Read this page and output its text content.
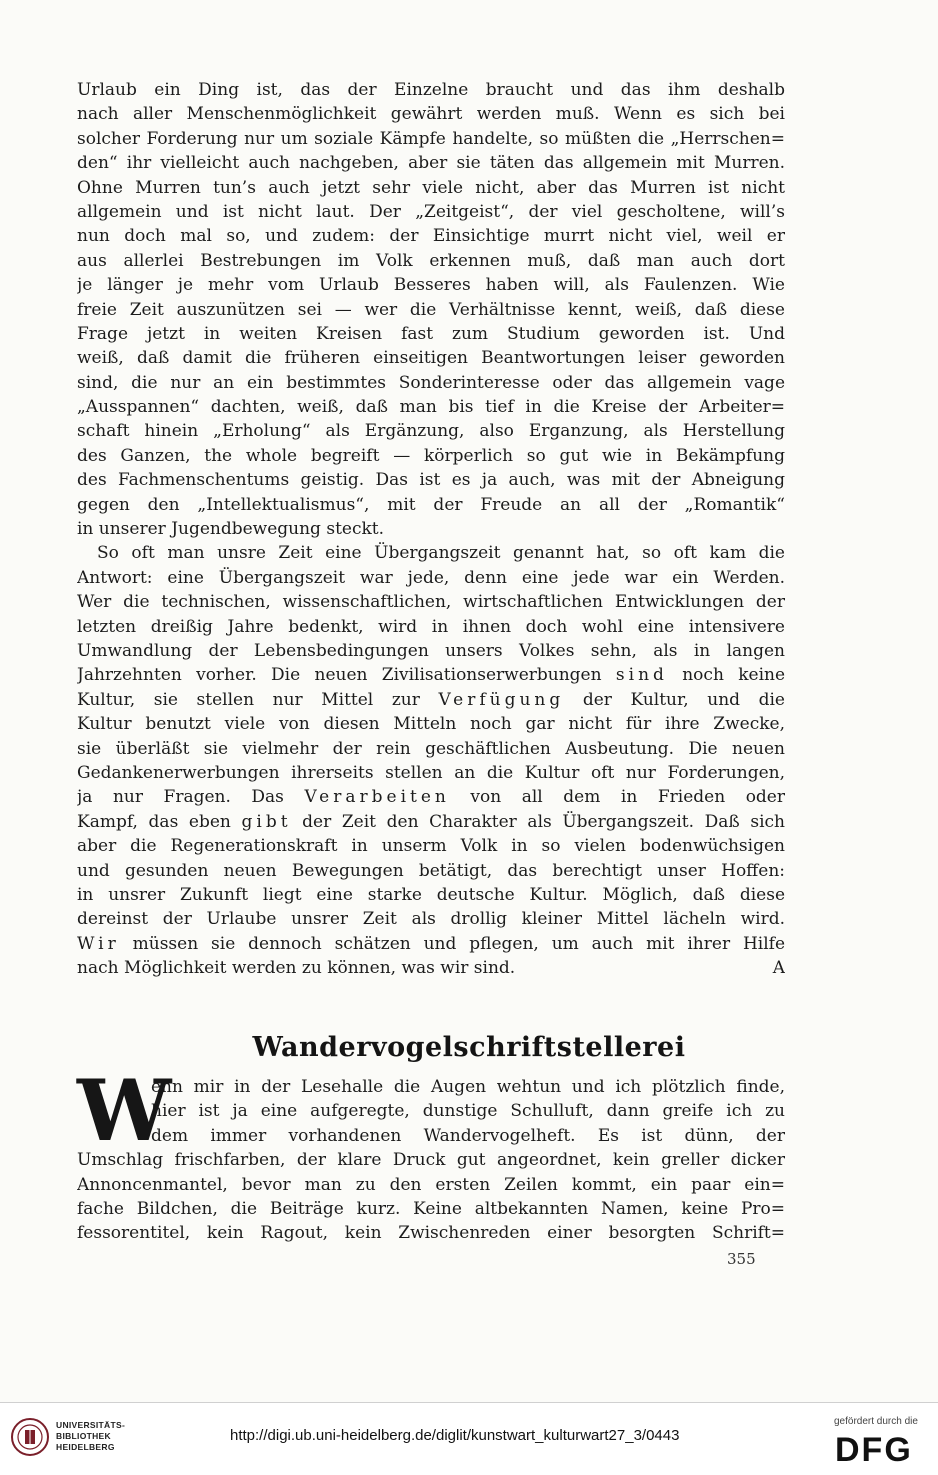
Urlaub ein Ding ist, das der Einzelne braucht und das ihm deshalb
nach aller Menschenmöglichkeit gewährt werden muß. Wenn es sich bei
solcher Forderung nur um soziale Kämpfe handelte, so müßten die „Herrschen=
den“ ihr vielleicht auch nachgeben, aber sie täten das allgemein mit Murren.
Ohne Murren tun’s auch jetzt sehr viele nicht, aber das Murren ist nicht
allgemein und ist nicht laut. Der „Zeitgeist“, der viel gescholtene, will’s
nun doch mal so, und zudem: der Einsichtige murrt nicht viel, weil er
aus allerlei Bestrebungen im Volk erkennen muß, daß man auch dort
je länger je mehr vom Urlaub Besseres haben will, als Faulenzen. Wie
freie Zeit auszunützen sei — wer die Verhältnisse kennt, weiß, daß diese
Frage jetzt in weiten Kreisen fast zum Studium geworden ist. Und
weiß, daß damit die früheren einseitigen Beantwortungen leiser geworden
sind, die nur an ein bestimmtes Sonderinteresse oder das allgemein vage
„Ausspannen“ dachten, weiß, daß man bis tief in die Kreise der Arbeiter=
schaft hinein „Erholung“ als Ergänzung, also Erganzung, als Herstellung
des Ganzen, the whole begreift — körperlich so gut wie in Bekämpfung
des Fachmenschentums geistig. Das ist es ja auch, was mit der Abneigung
gegen den „Intellektualismus“, mit der Freude an all der „Romantik“
in unserer Jugendbewegung steckt.
So oft man unsre Zeit eine Übergangszeit genannt hat, so oft kam die
Antwort: eine Übergangszeit war jede, denn eine jede war ein Werden.
Wer die technischen, wissenschaftlichen, wirtschaftlichen Entwicklungen der
letzten dreißig Jahre bedenkt, wird in ihnen doch wohl eine intensivere
Umwandlung der Lebensbedingungen unsers Volkes sehn, als in langen
Jahrzehnten vorher. Die neuen Zivilisationserwerbungen sind noch keine
Kultur, sie stellen nur Mittel zur Verfügung der Kultur, und die
Kultur benutzt viele von diesen Mitteln noch gar nicht für ihre Zwecke,
sie überläßt sie vielmehr der rein geschäftlichen Ausbeutung. Die neuen
Gedankenerwerbungen ihrerseits stellen an die Kultur oft nur Forderungen,
ja nur Fragen. Das Verarbeiten von all dem in Frieden oder
Kampf, das eben gibt der Zeit den Charakter als Übergangszeit. Daß sich
aber die Regenerationskraft in unserm Volk in so vielen bodenwüchsigen
und gesunden neuen Bewegungen betätigt, das berechtigt unser Hoffen:
in unsrer Zukunft liegt eine starke deutsche Kultur. Möglich, daß diese
dereinst der Urlaube unsrer Zeit als drollig kleiner Mittel lächeln wird.
Wir müssen sie dennoch schätzen und pflegen, um auch mit ihrer Hilfe
nach Möglichkeit werden zu können, was wir sind.	A
Wandervogelschriftstellerei
W
enn mir in der Lesehalle die Augen wehtun und ich plötzlich finde,
hier ist ja eine aufgeregte, dunstige Schulluft, dann greife ich zu
dem immer vorhandenen Wandervogelheft. Es ist dünn, der
Umschlag frischfarben, der klare Druck gut angeordnet, kein greller dicker
Annoncenmantel, bevor man zu den ersten Zeilen kommt, ein paar ein=
fache Bildchen, die Beiträge kurz. Keine altbekannten Namen, keine Pro=
fessorentitel, kein Ragout, kein Zwischenreden einer besorgten Schrift=
355
UNIVERSITÄTS-
BIBLIOTHEK
HEIDELBERG
http://digi.ub.uni-heidelberg.de/diglit/kunstwart_kulturwart27_3/0443
gefördert durch die
DFG
